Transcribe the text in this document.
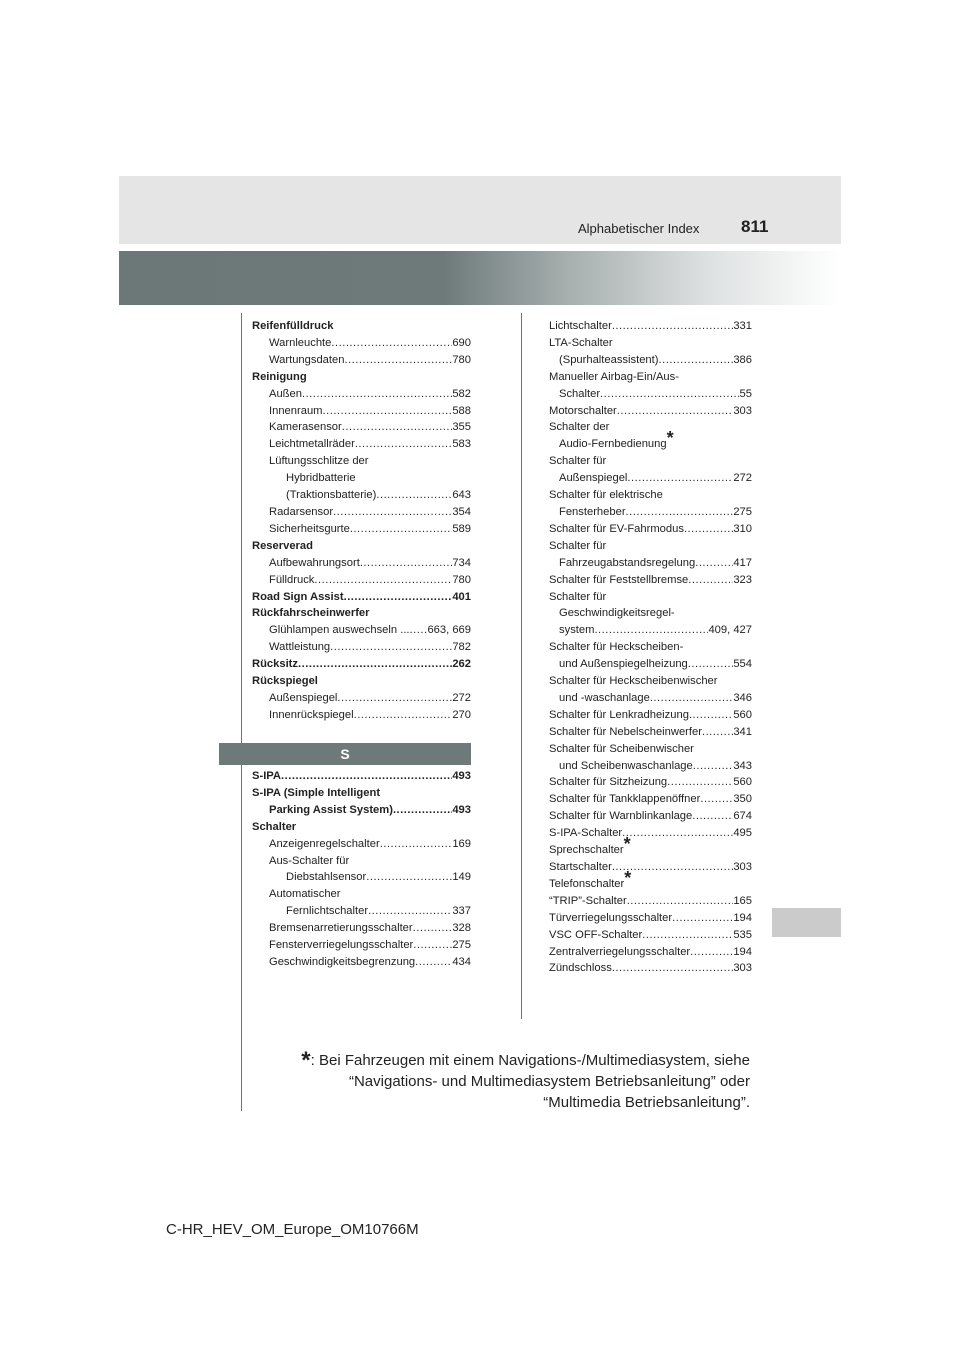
Alphabetischer Index 811
Reifenfülldruck
Warnleuchte .....	690
Wartungsdaten .....	780
Reinigung
Außen .....	582
Innenraum .....	588
Kamerasensor .....	355
Leichtmetallräder .....	583
Lüftungsschlitze der
Hybridbatterie
(Traktionsbatterie) .....	643
Radarsensor .....	354
Sicherheitsgurte .....	589
Reserverad
Aufbewahrungsort .....	734
Fülldruck .....	780
Road Sign Assist .....	401
Rückfahrscheinwerfer
Glühlampen auswechseln ... ..... 663, 669
Wattleistung .....	782
Rücksitz .....	262
Rückspiegel
Außenspiegel .....	272
Innenrückspiegel .....	270
S
S-IPA .....	493
S-IPA (Simple Intelligent
Parking Assist System) .....	493
Schalter
Anzeigenregelschalter .....	169
Aus-Schalter für
Diebstahlsensor .....	149
Automatischer
Fernlichtschalter .....	337
Bremsenarretierungsschalter .....	328
Fensterverriegelungsschalter .....	275
Geschwindigkeitsbegrenzung .....	434
Lichtschalter .....	331
LTA-Schalter
(Spurhalteassistent) .....	386
Manueller Airbag-Ein/Aus-
Schalter .....	55
Motorschalter .....	303
Schalter der
Audio-Fernbedienung*
Schalter für
Außenspiegel .....	272
Schalter für elektrische
Fensterheber .....	275
Schalter für EV-Fahrmodus .....	310
Schalter für
Fahrzeugabstandsregelung .....	417
Schalter für Feststellbremse .....	323
Schalter für
Geschwindigkeitsregel-
system .....	409, 427
Schalter für Heckscheiben-
und Außenspiegelheizung .....	554
Schalter für Heckscheibenwischer
und -waschanlage .....	346
Schalter für Lenkradheizung .....	560
Schalter für Nebelscheinwerfer .....	341
Schalter für Scheibenwischer
und Scheibenwaschanlage .....	343
Schalter für Sitzheizung .....	560
Schalter für Tankklappenöffner .....	350
Schalter für Warnblinkanlage .....	674
S-IPA-Schalter .....	495
Sprechschalter*
Startschalter .....	303
Telefonschalter*
“TRIP”-Schalter .....	165
Türverriegelungsschalter .....	194
VSC OFF-Schalter .....	535
Zentralverriegelungsschalter .....	194
Zündschloss .....	303
*: Bei Fahrzeugen mit einem Navigations-/Multimediasystem, siehe
“Navigations- und Multimediasystem Betriebsanleitung” oder
“Multimedia Betriebsanleitung”.
C-HR_HEV_OM_Europe_OM10766M
